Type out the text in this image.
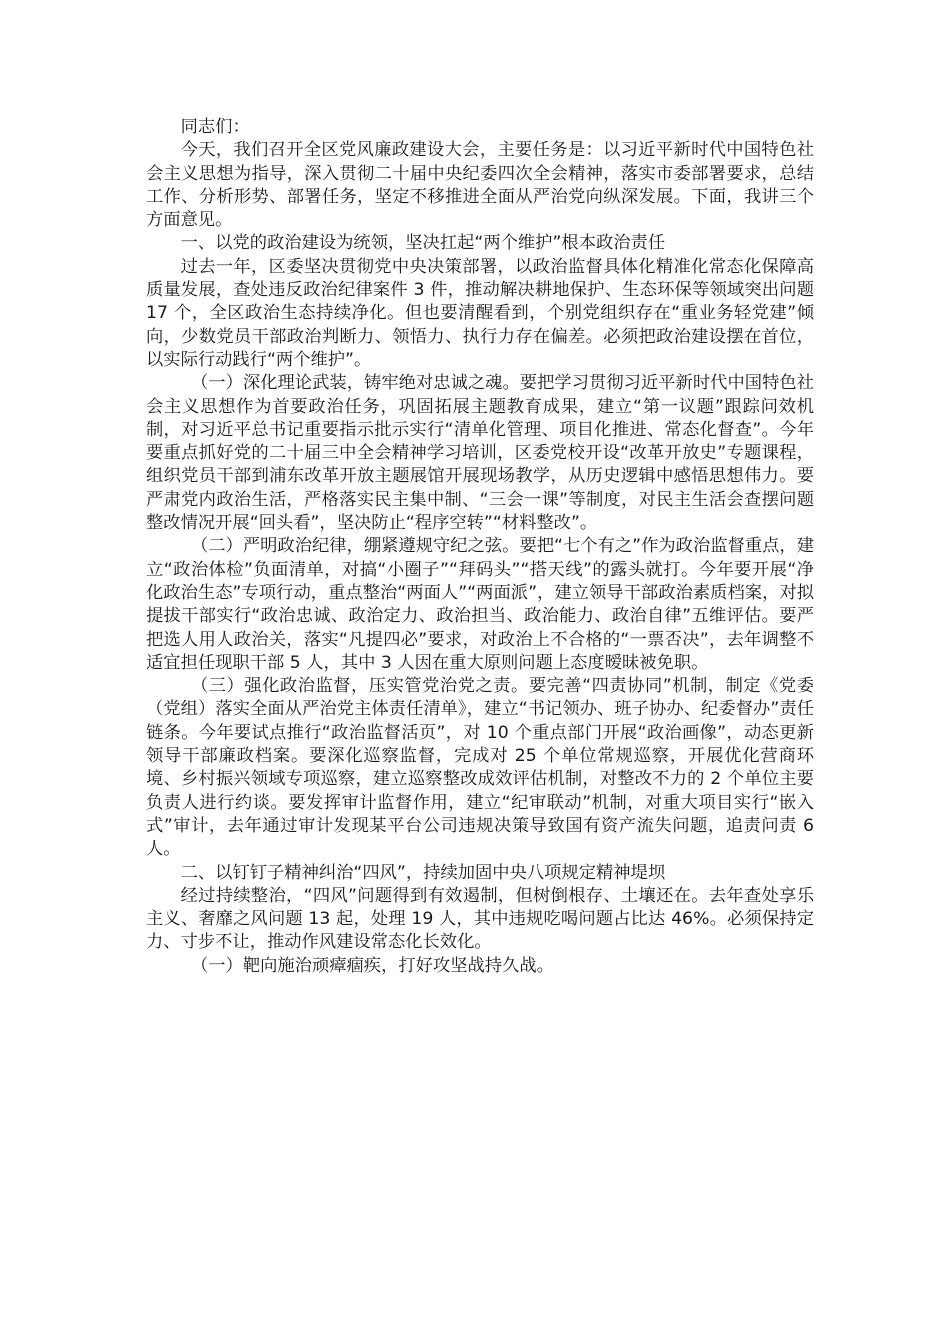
同志们：

今天，我们召开全区党风廉政建设大会，主要任务是：以习近平新时代中国特色社会主义思想为指导，深入贯彻二十届中央纪委四次全会精神，落实市委部署要求，总结工作、分析形势、部署任务，坚定不移推进全面从严治党向纵深发展。下面，我讲三个方面意见。

一、以党的政治建设为统领，坚决扛起“两个维护”根本政治责任

过去一年，区委坚决贯彻党中央决策部署，以政治监督具体化精准化常态化保障高质量发展，查处违反政治纪律案件 3 件，推动解决耕地保护、生态环保等领域突出问题 17 个，全区政治生态持续净化。但也要清醒看到，个别党组织存在“重业务轻党建”倾向，少数党员干部政治判断力、领悟力、执行力存在偏差。必须把政治建设摆在首位，以实际行动践行“两个维护”。

（一）深化理论武装，铸牢绝对忠诚之魂。要把学习贯彻习近平新时代中国特色社会主义思想作为首要政治任务，巩固拓展主题教育成果，建立“第一议题”跟踪问效机制，对习近平总书记重要指示批示实行“清单化管理、项目化推进、常态化督查”。今年要重点抓好党的二十届三中全会精神学习培训，区委党校开设“改革开放史”专题课程，组织党员干部到浦东改革开放主题展馆开展现场教学，从历史逻辑中感悟思想伟力。要严肃党内政治生活，严格落实民主集中制、“三会一课”等制度，对民主生活会查摆问题整改情况开展“回头看”，坚决防止“程序空转”“材料整改”。

（二）严明政治纪律，绷紧遵规守纪之弦。要把“七个有之”作为政治监督重点，建立“政治体检”负面清单，对搞“小圈子”“拜码头”“搭天线”的露头就打。今年要开展“净化政治生态”专项行动，重点整治“两面人”“两面派”，建立领导干部政治素质档案，对拟提拔干部实行“政治忠诚、政治定力、政治担当、政治能力、政治自律”五维评估。要严把选人用人政治关，落实“凡提四必”要求，对政治上不合格的“一票否决”，去年调整不适宜担任现职干部 5 人，其中 3 人因在重大原则问题上态度暧昧被免职。

（三）强化政治监督，压实管党治党之责。要完善“四责协同”机制，制定《党委（党组）落实全面从严治党主体责任清单》，建立“书记领办、班子协办、纪委督办”责任链条。今年要试点推行“政治监督活页”，对 10 个重点部门开展“政治画像”，动态更新领导干部廉政档案。要深化巡察监督，完成对 25 个单位常规巡察，开展优化营商环境、乡村振兴领域专项巡察，建立巡察整改成效评估机制，对整改不力的 2 个单位主要负责人进行约谈。要发挥审计监督作用，建立“纪审联动”机制，对重大项目实行“嵌入式”审计，去年通过审计发现某平台公司违规决策导致国有资产流失问题，追责问责 6 人。

二、以钉钉子精神纠治“四风”，持续加固中央八项规定精神堤坝

经过持续整治，“四风”问题得到有效遏制，但树倒根存、土壤还在。去年查处享乐主义、奢靡之风问题 13 起，处理 19 人，其中违规吃喝问题占比达 46%。必须保持定力、寸步不让，推动作风建设常态化长效化。

（一）靶向施治顽瘴痼疾，打好攻坚战持久战。
